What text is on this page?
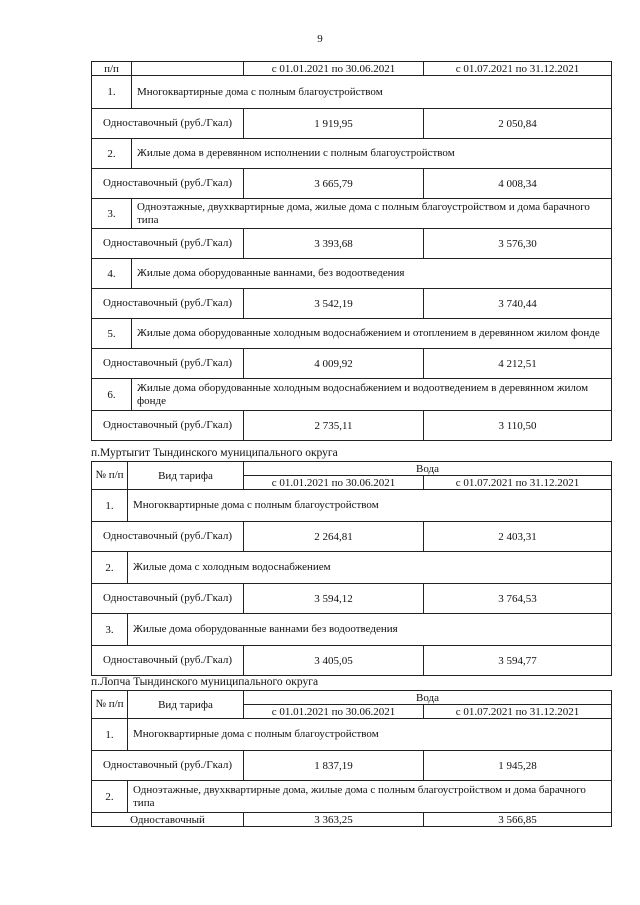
9
п/п		с 01.01.2021 по 30.06.2021	с 01.07.2021 по 31.12.2021
1.	Многоквартирные дома с полным благоустройством		
Одноставочный (руб./Гкал)		1 919,95	2 050,84
2.	Жилые дома в деревянном исполнении с полным благоустройством		
Одноставочный (руб./Гкал)		3 665,79	4 008,34
3.	Одноэтажные, двухквартирные дома, жилые дома с полным благоустройством и дома барачного типа		
Одноставочный (руб./Гкал)		3 393,68	3 576,30
4.	Жилые дома оборудованные ваннами, без водоотведения		
Одноставочный (руб./Гкал)		3 542,19	3 740,44
5.	Жилые дома оборудованные холодным водоснабжением и отоплением в деревянном жилом фонде		
Одноставочный (руб./Гкал)		4 009,92	4 212,51
6.	Жилые дома оборудованные холодным водоснабжением и водоотведением в деревянном жилом фонде		
Одноставочный (руб./Гкал)		2 735,11	3 110,50
п.Муртыгит Тындинского муниципального округа
№ п/п	Вид тарифа	Вода	
		с 01.01.2021 по 30.06.2021	с 01.07.2021 по 31.12.2021
1.	Многоквартирные дома с полным благоустройством		
Одноставочный (руб./Гкал)		2 264,81	2 403,31
2.	Жилые дома с холодным водоснабжением		
Одноставочный (руб./Гкал)		3 594,12	3 764,53
3.	Жилые дома оборудованные ваннами без водоотведения		
Одноставочный (руб./Гкал)		3 405,05	3 594,77
п.Лопча Тындинского муниципального округа
№ п/п	Вид тарифа	Вода	
		с 01.01.2021 по 30.06.2021	с 01.07.2021 по 31.12.2021
1.	Многоквартирные дома с полным благоустройством		
Одноставочный (руб./Гкал)		1 837,19	1 945,28
2.	Одноэтажные, двухквартирные дома, жилые дома с полным благоустройством и дома барачного типа		
Одноставочный		3 363,25	3 566,85
